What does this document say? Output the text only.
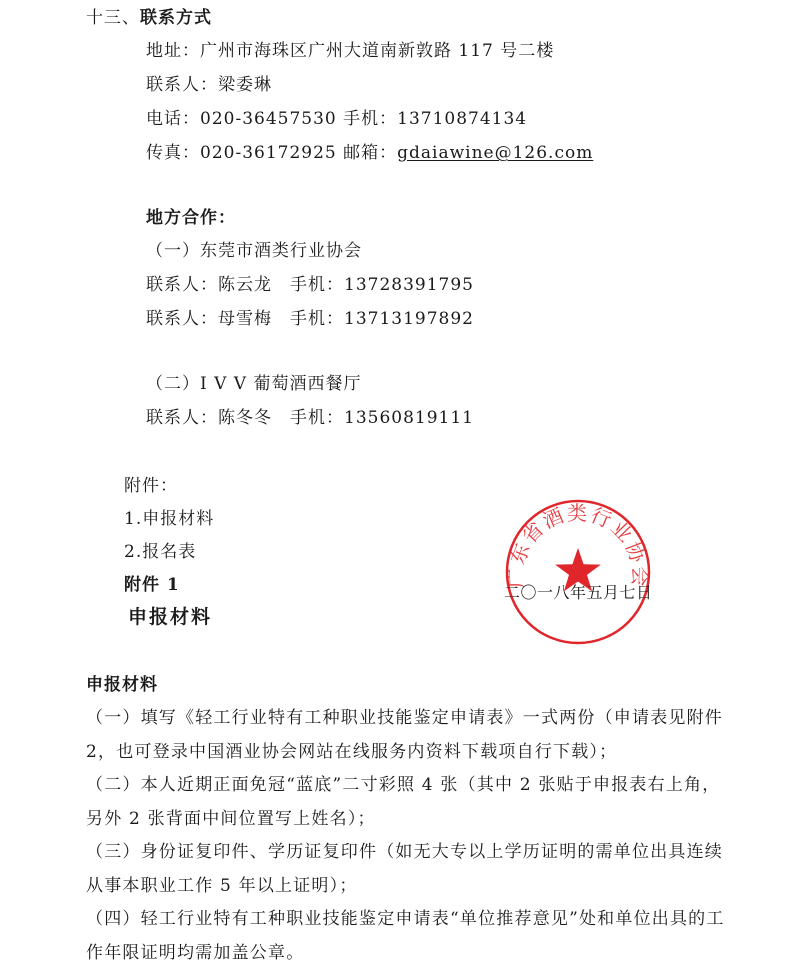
十三、联系方式
地址：广州市海珠区广州大道南新敦路 117 号二楼
联系人：梁委琳
电话：020-36457530 手机：13710874134
传真：020-36172925 邮箱：gdaiawine@126.com
地方合作：
（一）东莞市酒类行业协会
联系人：陈云龙　手机：13728391795
联系人：母雪梅　手机：13713197892
（二）I V V 葡萄酒西餐厅
联系人：陈冬冬　手机：13560819111
附件：
1.申报材料
2.报名表
附件 1
申报材料
广东省酒类行业协会
二〇一八年五月七日
申报材料
（一）填写《轻工行业特有工种职业技能鉴定申请表》一式两份（申请表见附件 2，也可登录中国酒业协会网站在线服务内资料下载项自行下载）；
（二）本人近期正面免冠“蓝底”二寸彩照 4 张（其中 2 张贴于申报表右上角，另外 2 张背面中间位置写上姓名）；
（三）身份证复印件、学历证复印件（如无大专以上学历证明的需单位出具连续从事本职业工作 5 年以上证明）；
（四）轻工行业特有工种职业技能鉴定申请表“单位推荐意见”处和单位出具的工作年限证明均需加盖公章。
